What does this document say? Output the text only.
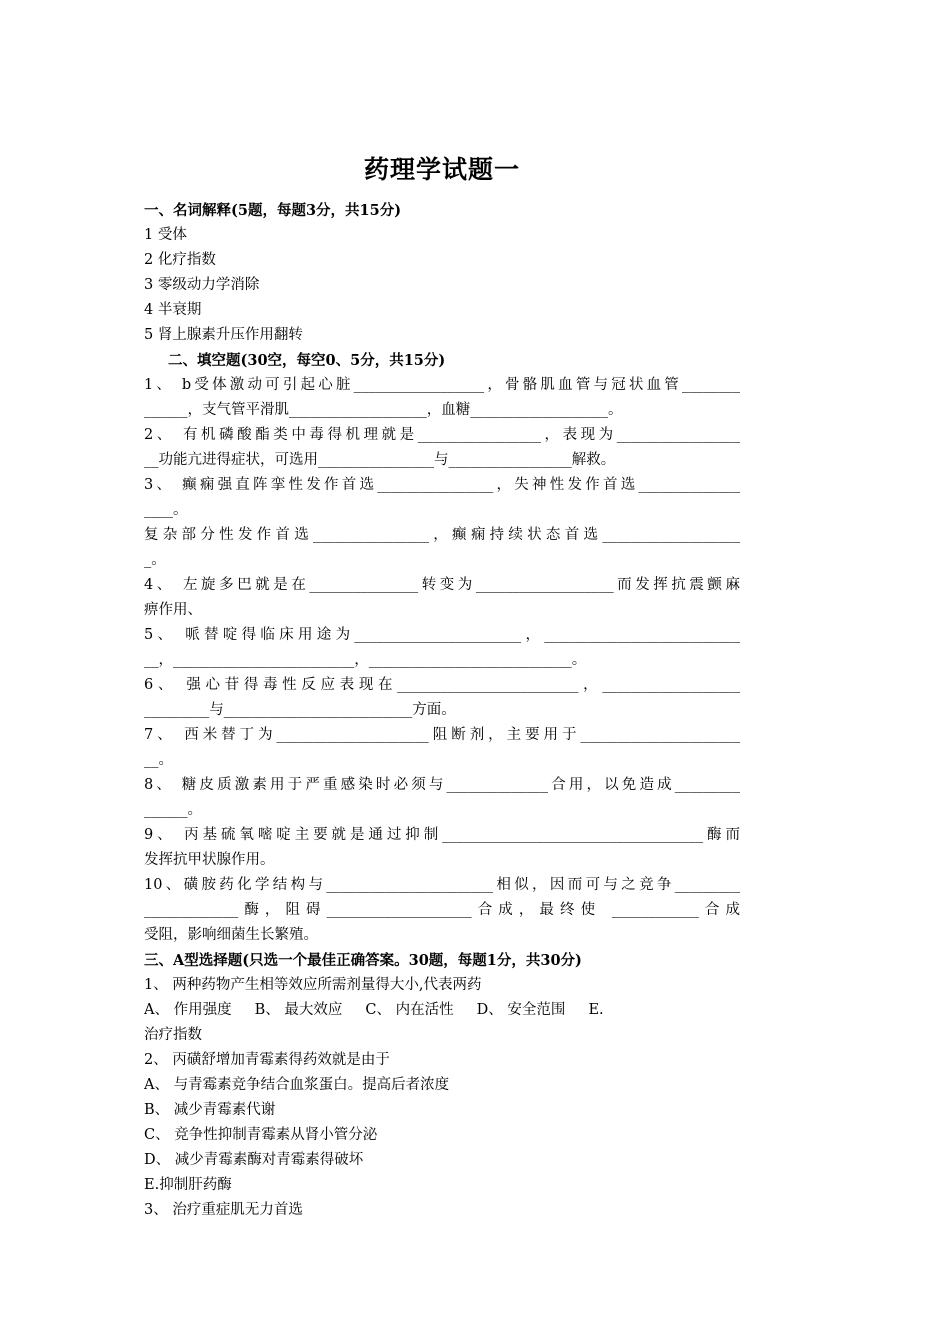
药理学试题一
一、名词解释(5题，每题3分，共15分)
1 受体
2 化疗指数
3 零级动力学消除
4 半衰期
5 肾上腺素升压作用翻转
二、填空题(30空，每空0、5分，共15分)
1、 b受体激动可引起心脏__________________，骨骼肌血管与冠状血管________
______，支气管平滑肌___________________，血糖___________________。
2、 有机磷酸酯类中毒得机理就是_________________，表现为_________________
__功能亢进得症状，可选用________________与_________________解救。
3、 癫痫强直阵挛性发作首选________________，失神性发作首选______________
____。
复杂部分性发作首选________________，癫痫持续状态首选___________________
_。
4、 左旋多巴就是在_______________转变为___________________而发挥抗震颤麻
痹作用、
5、 哌替啶得临床用途为_______________________，___________________________
__，_________________________，____________________________。
6、 强心苷得毒性反应表现在_________________________，___________________
_________与__________________________方面。
7、 西米替丁为_____________________阻断剂，主要用于______________________
__。
8、 糖皮质激素用于严重感染时必须与______________合用，以免造成_________
______。
9、 丙基硫氧嘧啶主要就是通过抑制____________________________________酶而
发挥抗甲状腺作用。
10、磺胺药化学结构与_______________________相似，因而可与之竞争_________
_____________酶，阻碍____________________合成，最终使 ____________合成
受阻，影响细菌生长繁殖。
三、A型选择题(只选一个最佳正确答案。30题，每题1分，共30分)
1、 两种药物产生相等效应所需剂量得大小,代表两药
A、 作用强度     B、 最大效应     C、 内在活性     D、 安全范围     E.
治疗指数
2、 丙磺舒增加青霉素得药效就是由于
A、 与青霉素竞争结合血浆蛋白。提高后者浓度
B、 减少青霉素代谢
C、 竞争性抑制青霉素从肾小管分泌
D、 减少青霉素酶对青霉素得破坏
E.抑制肝药酶
3、 治疗重症肌无力首选
